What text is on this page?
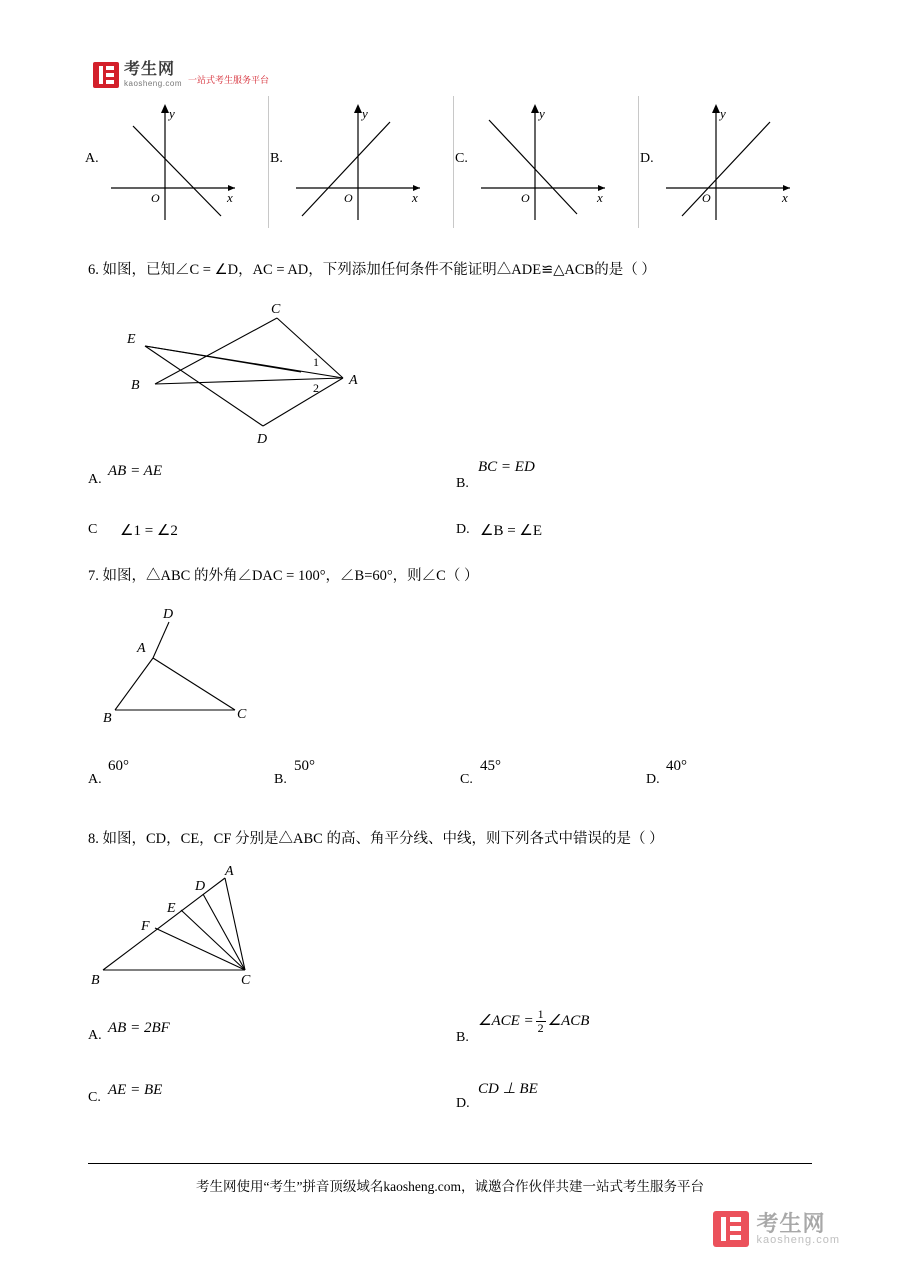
考生网
kaosheng.com 一站式考生服务平台
A.
y
x
O
B.
y
x
O
C.
y
x
O
D.
y
x
O
6. 如图，已知∠C = ∠D，AC = AD，下列添加任何条件不能证明△ADE≌△ACB的是（ ）
C
E
B	A
D
1
2
A.
AB = AE
B.
BC = ED
C ∠1 = ∠2	D. ∠B = ∠E
7. 如图，△ABC 的外角∠DAC = 100°，∠B=60°，则∠C（ ）
D
A
B	C
A.
60°
B.
50°
C.
45°
D.
40°
8. 如图，CD，CE，CF 分别是△ABC 的高、角平分线、中线，则下列各式中错误的是（ ）
A
D
E
F
B	C
A. AB = 2BF
B.
∠ACE = $\frac{1}{2}$ ∠ACB
C. AE = BE
D.
CD ⊥ BE
考生网使用“考生”拼音顶级域名kaosheng.com，诚邀合作伙伴共建一站式考生服务平台
考生网
kaosheng.com
